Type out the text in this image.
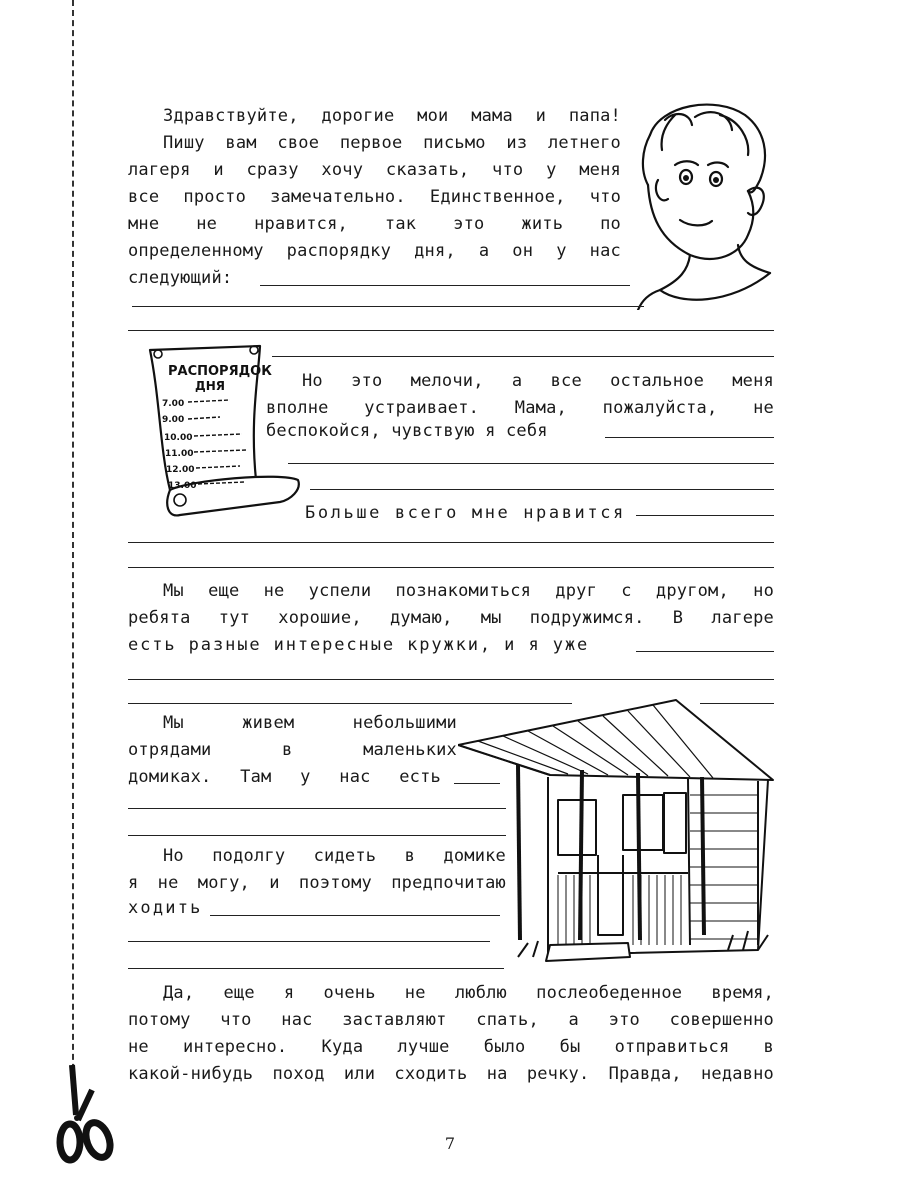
РАСПОРЯДОК
ДНЯ
7.00
9.00
10.00
11.00
12.00
13.00
Здравствуйте, дорогие мои мама и папа!
Пишу вам свое первое письмо из летнего
лагеря и сразу хочу сказать, что у меня
все просто замечательно. Единственное, что
мне не нравится, так это жить по
определенному распорядку дня, а он у нас
следующий:
Но это мелочи, а все остальное меня
вполне устраивает. Мама, пожалуйста, не
беспокойся, чувствую я себя
Больше всего мне нравится
Мы еще не успели познакомиться друг с другом, но
ребята тут хорошие, думаю, мы подружимся. В лагере
есть разные интересные кружки, и я уже
Мы живем небольшими
отрядами в маленьких
домиках. Там у нас есть
Но подолгу сидеть в домике
я не могу, и поэтому предпочитаю
ходить
Да, еще я очень не люблю послеобеденное время,
потому что нас заставляют спать, а это совершенно
не интересно. Куда лучше было бы отправиться в
какой-нибудь поход или сходить на речку. Правда, недавно
7
